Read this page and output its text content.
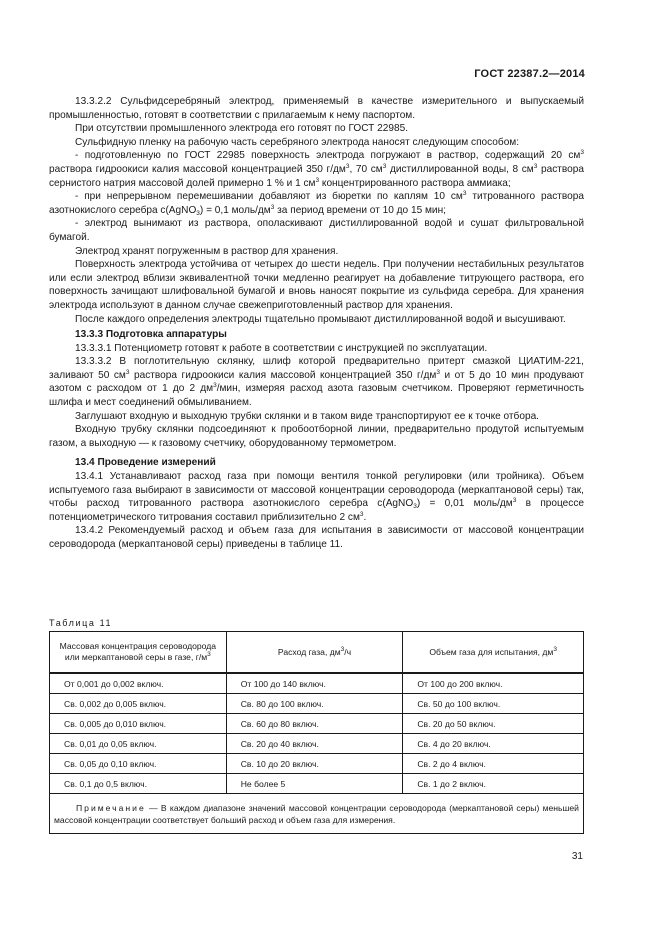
ГОСТ 22387.2—2014

13.3.2.2 Сульфидсеребряный электрод, применяемый в качестве измерительного и выпускаемый промышленностью, готовят в соответствии с прилагаемым к нему паспортом.

При отсутствии промышленного электрода его готовят по ГОСТ 22985.

Сульфидную пленку на рабочую часть серебряного электрода наносят следующим способом:

- подготовленную по ГОСТ 22985 поверхность электрода погружают в раствор, содержащий 20 $см^3$ раствора гидроокиси калия массовой концентрацией 350 $г/дм^3$, 70 $см^3$ дистиллированной воды, 8 $см^3$ раствора сернистого натрия массовой долей примерно 1 % и 1 $см^3$ концентрированного раствора аммиака;

- при непрерывном перемешивании добавляют из бюретки по каплям 10 $см^3$ титрованного раствора азотнокислого серебра c(AgNO$_3$) = 0,1 моль/$дм^3$ за период времени от 10 до 15 мин;

- электрод вынимают из раствора, ополаскивают дистиллированной водой и сушат фильтровальной бумагой.

Электрод хранят погруженным в раствор для хранения.

Поверхность электрода устойчива от четырех до шести недель. При получении нестабильных результатов или если электрод вблизи эквивалентной точки медленно реагирует на добавление титрующего раствора, его поверхность зачищают шлифовальной бумагой и вновь наносят покрытие из сульфида серебра. Для хранения электрода используют в данном случае свежеприготовленный раствор для хранения.

После каждого определения электроды тщательно промывают дистиллированной водой и высушивают.

13.3.3 Подготовка аппаратуры

13.3.3.1 Потенциометр готовят к работе в соответствии с инструкцией по эксплуатации.

13.3.3.2 В поглотительную склянку, шлиф которой предварительно притерт смазкой ЦИАТИМ-221, заливают 50 $см^3$ раствора гидроокиси калия массовой концентрацией 350 $г/дм^3$ и от 5 до 10 мин продувают азотом с расходом от 1 до 2 $дм^3$/мин, измеряя расход азота газовым счетчиком. Проверяют герметичность шлифа и мест соединений обмыливанием.

Заглушают входную и выходную трубки склянки и в таком виде транспортируют ее к точке отбора.

Входную трубку склянки подсоединяют к пробоотборной линии, предварительно продутой испытуемым газом, а выходную — к газовому счетчику, оборудованному термометром.

13.4 Проведение измерений

13.4.1 Устанавливают расход газа при помощи вентиля тонкой регулировки (или тройника). Объем испытуемого газа выбирают в зависимости от массовой концентрации сероводорода (меркаптановой серы) так, чтобы расход титрованного раствора азотнокислого серебра c(AgNO$_3$) = 0,01 моль/$дм^3$ в процессе потенциометрического титрования составил приблизительно 2 $см^3$.

13.4.2 Рекомендуемый расход и объем газа для испытания в зависимости от массовой концентрации сероводорода (меркаптановой серы) приведены в таблице 11.

Таблица 11
Массовая концентрация сероводорода или меркаптановой серы в газе, $г/м^3$	Расход газа, $дм^3/ч$	Объем газа для испытания, $дм^3$
От 0,001 до 0,002 включ.	От 100 до 140 включ.	От 100 до 200 включ.
Св. 0,002 до 0,005 включ.	Св. 80 до 100 включ.	Св. 50 до 100 включ.
Св. 0,005 до 0,010 включ.	Св. 60 до 80 включ.	Св. 20 до 50 включ.
Св. 0,01 до 0,05 включ.	Св. 20 до 40 включ.	Св. 4 до 20 включ.
Св. 0,05 до 0,10 включ.	Св. 10 до 20 включ.	Св. 2 до 4 включ.
Св. 0,1 до 0,5 включ.	Не более 5	Св. 1 до 2 включ.
Примечание — В каждом диапазоне значений массовой концентрации сероводорода (меркаптановой серы) меньшей массовой концентрации соответствует больший расход и объем газа для измерения.		
31
